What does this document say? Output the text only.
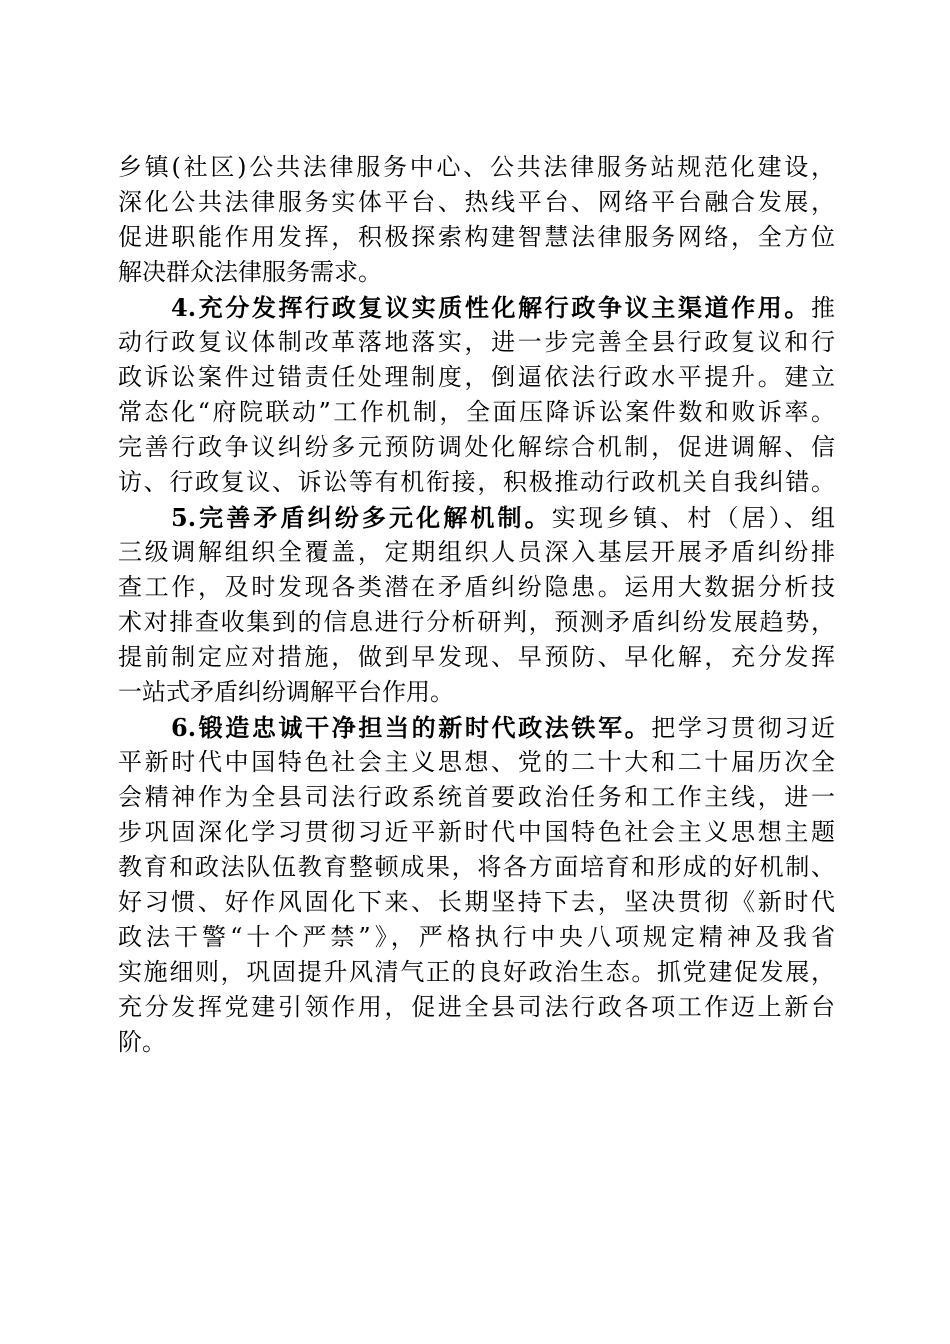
乡镇(社区)公共法律服务中心、公共法律服务站规范化建设，
深化公共法律服务实体平台、热线平台、网络平台融合发展，
促进职能作用发挥，积极探索构建智慧法律服务网络，全方位
解决群众法律服务需求。
4.充分发挥行政复议实质性化解行政争议主渠道作用。推
动行政复议体制改革落地落实，进一步完善全县行政复议和行
政诉讼案件过错责任处理制度，倒逼依法行政水平提升。建立
常态化“府院联动”工作机制，全面压降诉讼案件数和败诉率。
完善行政争议纠纷多元预防调处化解综合机制，促进调解、信
访、行政复议、诉讼等有机衔接，积极推动行政机关自我纠错。
5.完善矛盾纠纷多元化解机制。实现乡镇、村（居）、组
三级调解组织全覆盖，定期组织人员深入基层开展矛盾纠纷排
查工作，及时发现各类潜在矛盾纠纷隐患。运用大数据分析技
术对排查收集到的信息进行分析研判，预测矛盾纠纷发展趋势，
提前制定应对措施，做到早发现、早预防、早化解，充分发挥
一站式矛盾纠纷调解平台作用。
6.锻造忠诚干净担当的新时代政法铁军。把学习贯彻习近
平新时代中国特色社会主义思想、党的二十大和二十届历次全
会精神作为全县司法行政系统首要政治任务和工作主线，进一
步巩固深化学习贯彻习近平新时代中国特色社会主义思想主题
教育和政法队伍教育整顿成果，将各方面培育和形成的好机制、
好习惯、好作风固化下来、长期坚持下去，坚决贯彻《新时代
政法干警“十个严禁”》，严格执行中央八项规定精神及我省
实施细则，巩固提升风清气正的良好政治生态。抓党建促发展，
充分发挥党建引领作用，促进全县司法行政各项工作迈上新台
阶。
